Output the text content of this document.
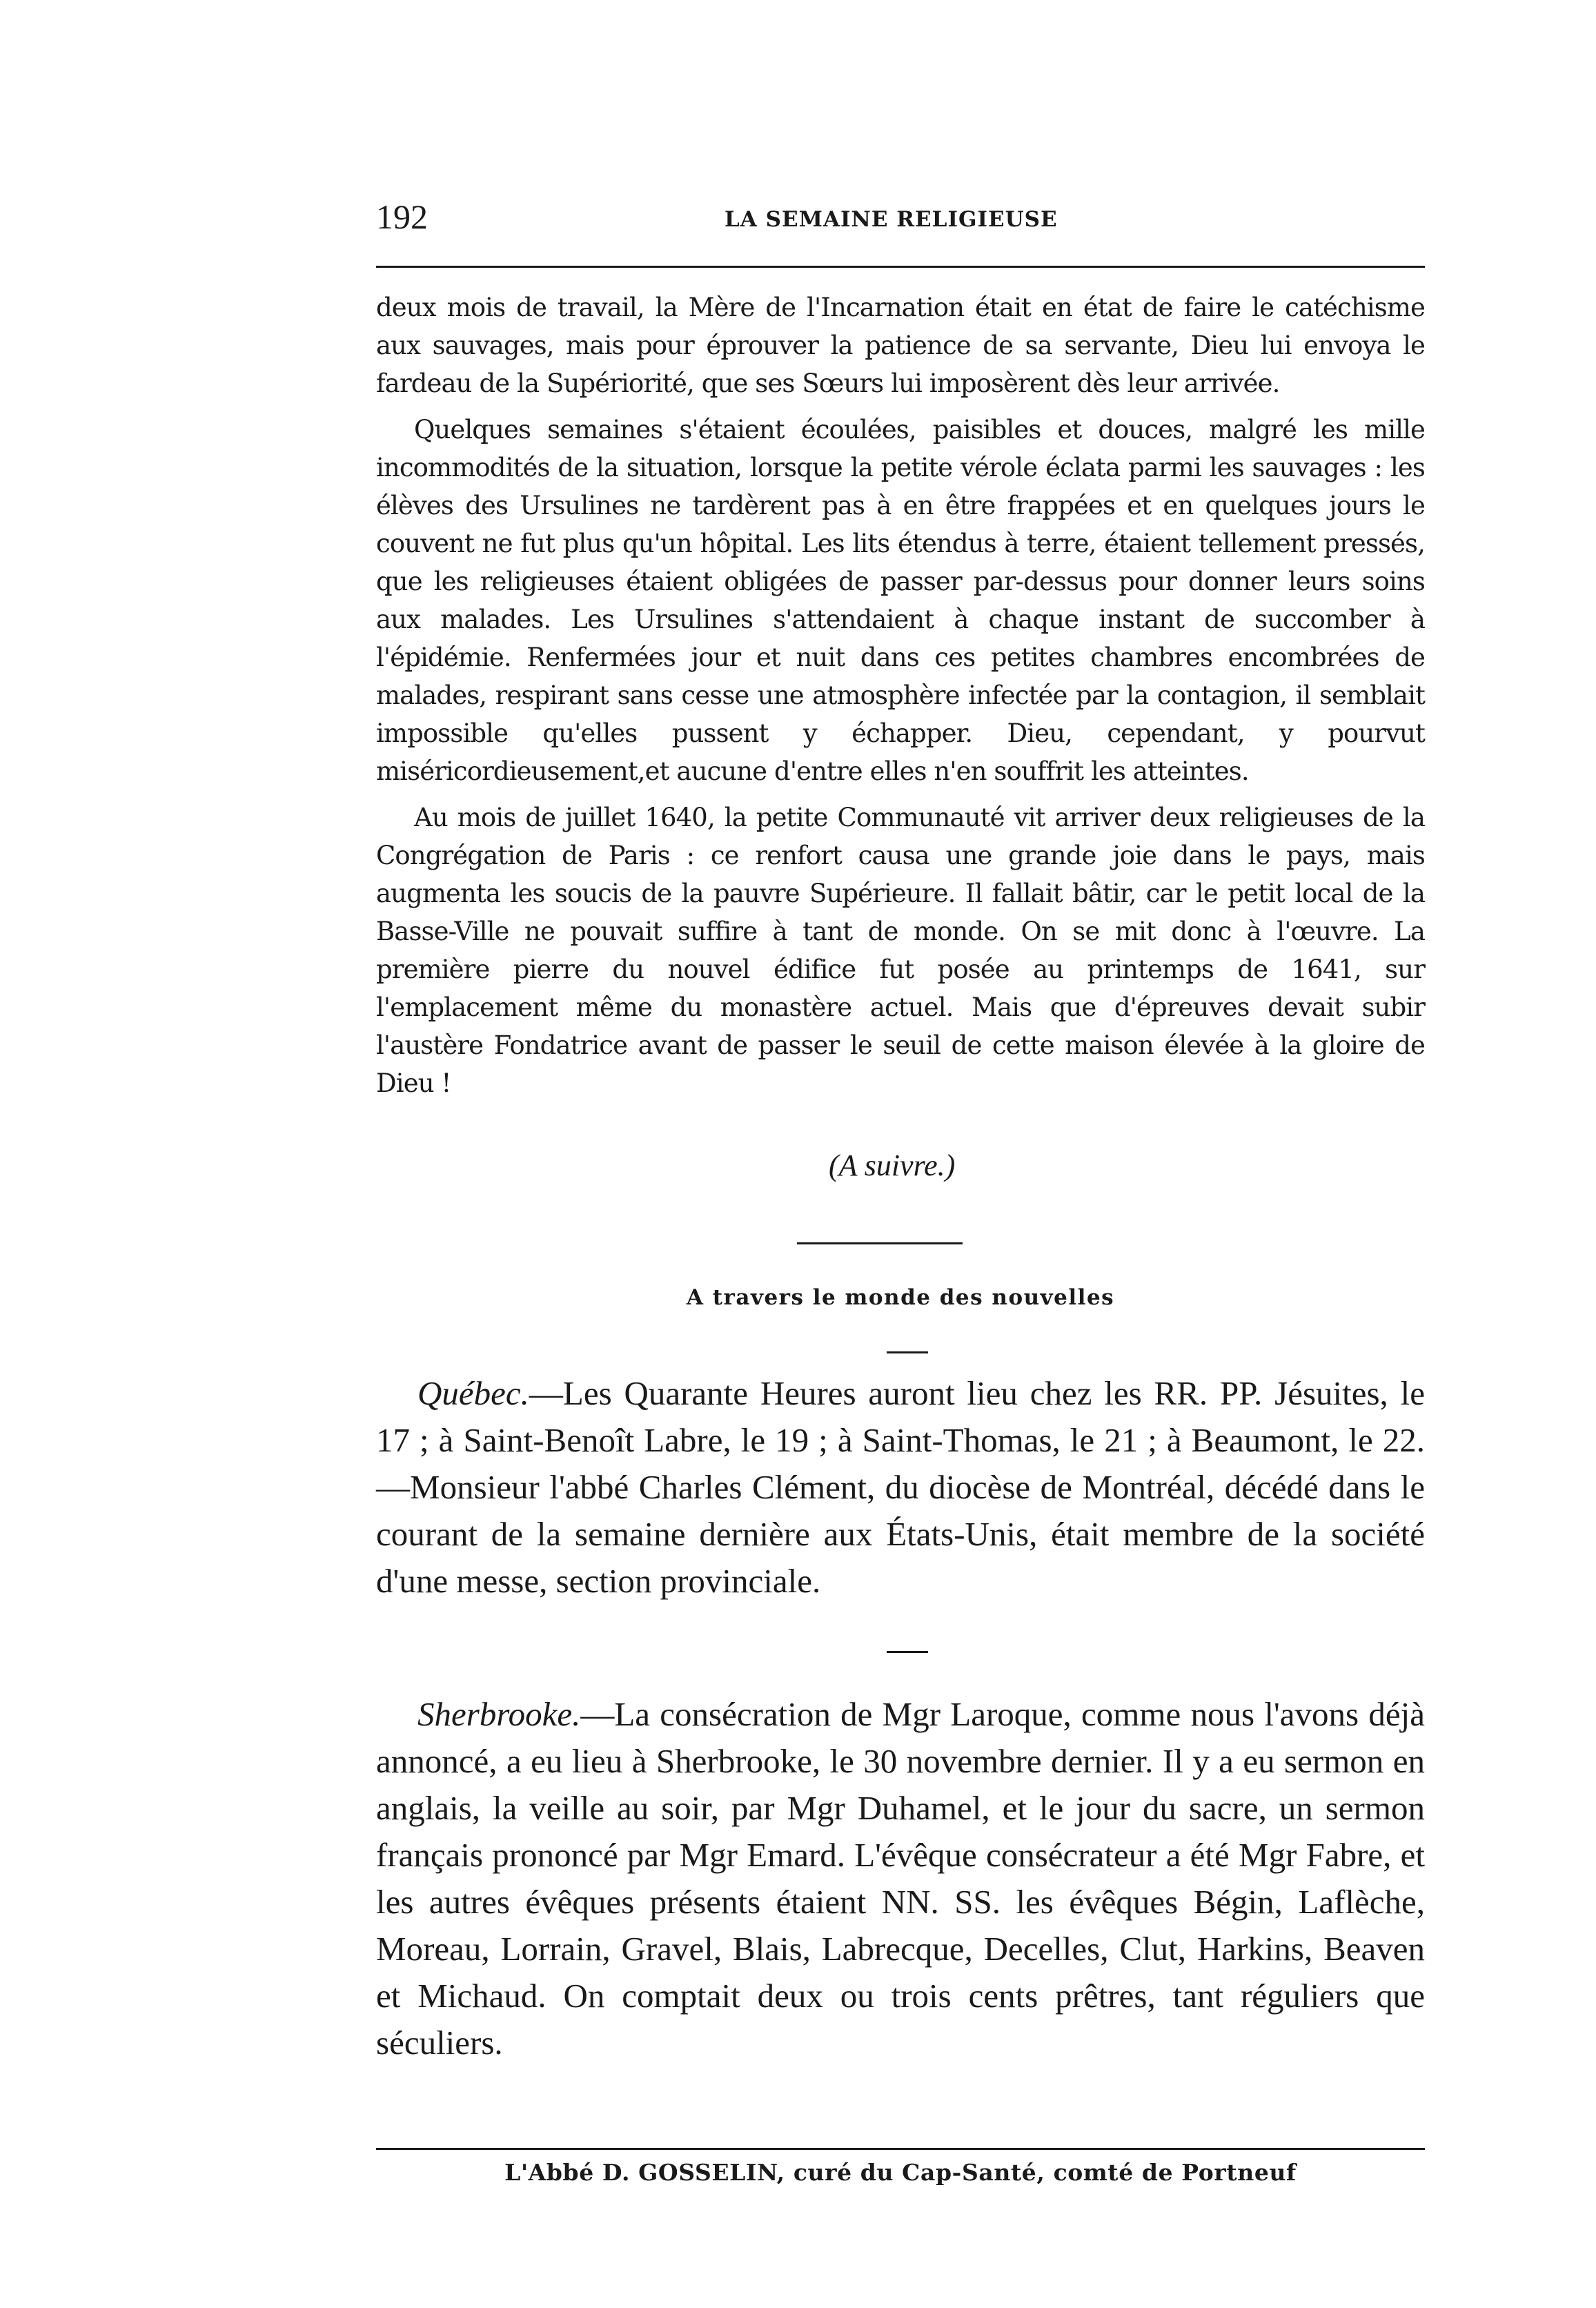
192	LA SEMAINE RELIGIEUSE

deux mois de travail, la Mère de l'Incarnation était en état de faire le catéchisme aux sauvages, mais pour éprouver la patience de sa servante, Dieu lui envoya le fardeau de la Supériorité, que ses Sœurs lui imposèrent dès leur arrivée.

Quelques semaines s'étaient écoulées, paisibles et douces, malgré les mille incommodités de la situation, lorsque la petite vérole éclata parmi les sauvages : les élèves des Ursulines ne tardèrent pas à en être frappées et en quelques jours le couvent ne fut plus qu'un hôpital. Les lits étendus à terre, étaient tellement pressés, que les religieuses étaient obligées de passer par-dessus pour donner leurs soins aux malades. Les Ursulines s'attendaient à chaque instant de succomber à l'épidémie. Renfermées jour et nuit dans ces petites chambres encombrées de malades, respirant sans cesse une atmosphère infectée par la contagion, il semblait impossible qu'elles pussent y échapper. Dieu, cependant, y pourvut miséricordieusement,et aucune d'entre elles n'en souffrit les atteintes.

Au mois de juillet 1640, la petite Communauté vit arriver deux religieuses de la Congrégation de Paris : ce renfort causa une grande joie dans le pays, mais augmenta les soucis de la pauvre Supérieure. Il fallait bâtir, car le petit local de la Basse-Ville ne pouvait suffire à tant de monde. On se mit donc à l'œuvre. La première pierre du nouvel édifice fut posée au printemps de 1641, sur l'emplacement même du monastère actuel. Mais que d'épreuves devait subir l'austère Fondatrice avant de passer le seuil de cette maison élevée à la gloire de Dieu !

(A suivre.)
A travers le monde des nouvelles

Québec.—Les Quarante Heures auront lieu chez les RR. PP. Jésuites, le 17 ; à Saint-Benoît Labre, le 19 ; à Saint-Thomas, le 21 ; à Beaumont, le 22.—Monsieur l'abbé Charles Clément, du diocèse de Montréal, décédé dans le courant de la semaine dernière aux États-Unis, était membre de la société d'une messe, section provinciale.

Sherbrooke.—La consécration de Mgr Laroque, comme nous l'avons déjà annoncé, a eu lieu à Sherbrooke, le 30 novembre dernier. Il y a eu sermon en anglais, la veille au soir, par Mgr Duhamel, et le jour du sacre, un sermon français prononcé par Mgr Emard. L'évêque consécrateur a été Mgr Fabre, et les autres évêques présents étaient NN. SS. les évêques Bégin, Laflèche, Moreau, Lorrain, Gravel, Blais, Labrecque, Decelles, Clut, Harkins, Beaven et Michaud. On comptait deux ou trois cents prêtres, tant réguliers que séculiers.

L'Abbé D. GOSSELIN, curé du Cap-Santé, comté de Portneuf
